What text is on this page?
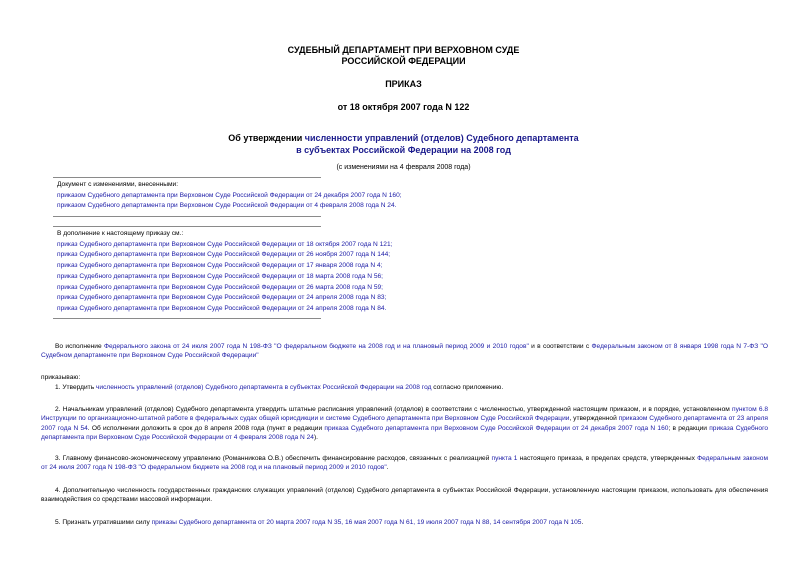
СУДЕБНЫЙ ДЕПАРТАМЕНТ ПРИ ВЕРХОВНОМ СУДЕ
РОССИЙСКОЙ ФЕДЕРАЦИИ
ПРИКАЗ
от 18 октября 2007 года N 122
Об утверждении численности управлений (отделов) Судебного департамента
в субъектах Российской Федерации на 2008 год
(с изменениями на 4 февраля 2008 года)
Документ с изменениями, внесенными:
приказом Судебного департамента при Верховном Суде Российской Федерации от 24 декабря 2007 года N 160;
приказом Судебного департамента при Верховном Суде Российской Федерации от 4 февраля 2008 года N 24.
В дополнение к настоящему приказу см.:
приказ Судебного департамента при Верховном Суде Российской Федерации от 18 октября 2007 года N 121;
приказ Судебного департамента при Верховном Суде Российской Федерации от 26 ноября 2007 года N 144;
приказ Судебного департамента при Верховном Суде Российской Федерации от 17 января 2008 года N 4;
приказ Судебного департамента при Верховном Суде Российской Федерации от 18 марта 2008 года N 56;
приказ Судебного департамента при Верховном Суде Российской Федерации от 26 марта 2008 года N 59;
приказ Судебного департамента при Верховном Суде Российской Федерации от 24 апреля 2008 года N 83;
приказ Судебного департамента при Верховном Суде Российской Федерации от 24 апреля 2008 года N 84.
Во исполнение Федерального закона от 24 июля 2007 года N 198-ФЗ "О федеральном бюджете на 2008 год и на плановый период 2009 и 2010 годов" и в соответствии с Федеральным законом от 8 января 1998 года N 7-ФЗ "О Судебном департаменте при Верховном Суде Российской Федерации"
приказываю:
1. Утвердить численность управлений (отделов) Судебного департамента в субъектах Российской Федерации на 2008 год согласно приложению.
2. Начальникам управлений (отделов) Судебного департамента утвердить штатные расписания управлений (отделов) в соответствии с численностью, утвержденной настоящим приказом, и в порядке, установленном пунктом 6.8 Инструкции по организационно-штатной работе в федеральных судах общей юрисдикции и системе Судебного департамента при Верховном Суде Российской Федерации, утвержденной приказом Судебного департамента от 23 апреля 2007 года N 54. Об исполнении доложить в срок до 8 апреля 2008 года (пункт в редакции приказа Судебного департамента при Верховном Суде Российской Федерации от 24 декабря 2007 года N 160; в редакции приказа Судебного департамента при Верховном Суде Российской Федерации от 4 февраля 2008 года N 24).
3. Главному финансово-экономическому управлению (Романникова О.В.) обеспечить финансирование расходов, связанных с реализацией пункта 1 настоящего приказа, в пределах средств, утвержденных Федеральным законом от 24 июля 2007 года N 198-ФЗ "О федеральном бюджете на 2008 год и на плановый период 2009 и 2010 годов".
4. Дополнительную численность государственных гражданских служащих управлений (отделов) Судебного департамента в субъектах Российской Федерации, установленную настоящим приказом, использовать для обеспечения взаимодействия со средствами массовой информации.
5. Признать утратившими силу приказы Судебного департамента от 20 марта 2007 года N 35, 16 мая 2007 года N 61, 19 июля 2007 года N 88, 14 сентября 2007 года N 105.
